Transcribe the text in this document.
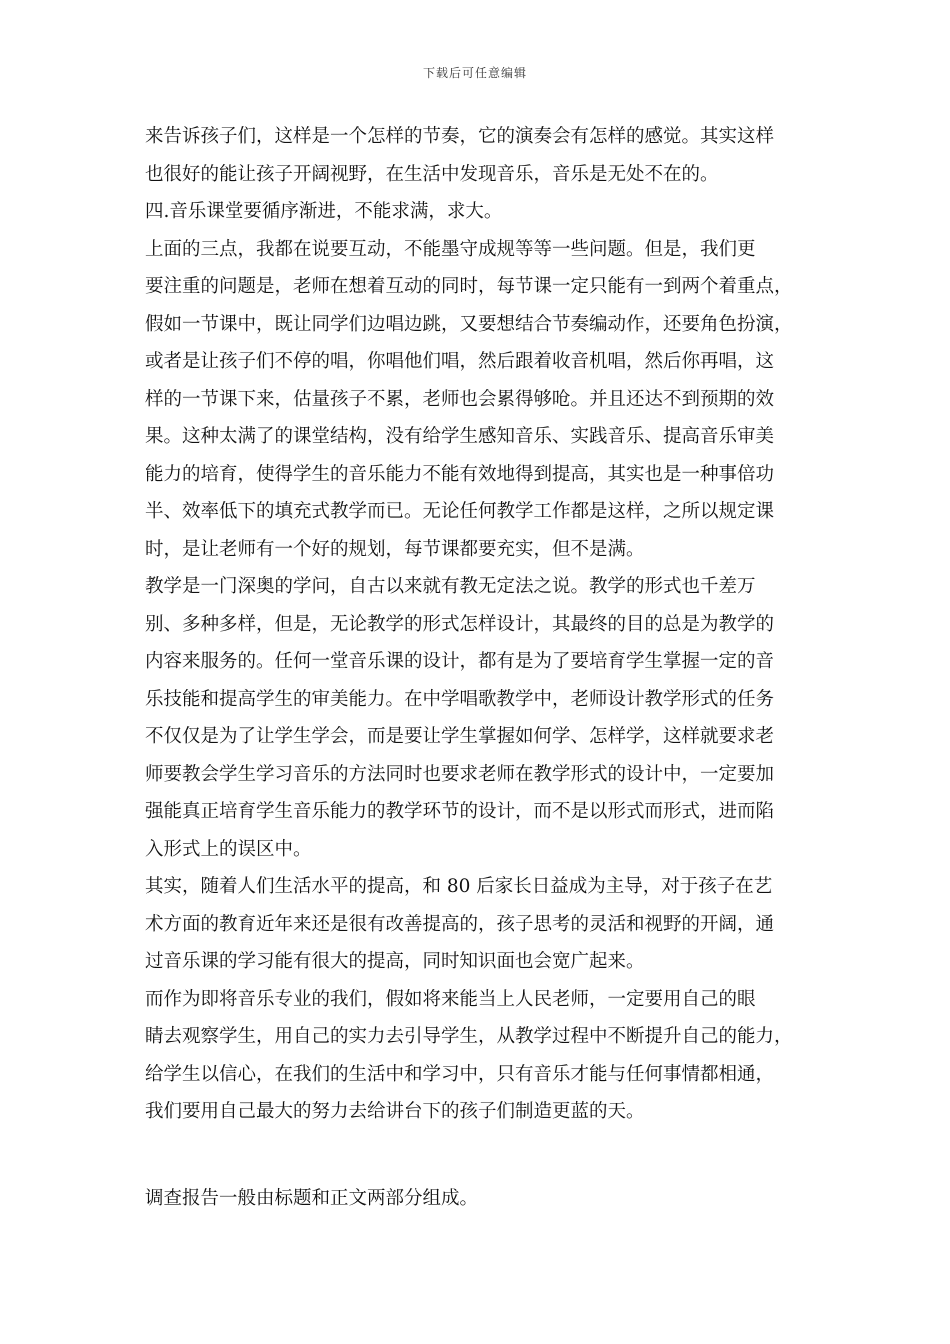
下载后可任意编辑
来告诉孩子们，这样是一个怎样的节奏，它的演奏会有怎样的感觉。其实这样
也很好的能让孩子开阔视野，在生活中发现音乐，音乐是无处不在的。
四.音乐课堂要循序渐进，不能求满，求大。
上面的三点，我都在说要互动，不能墨守成规等等一些问题。但是，我们更
要注重的问题是，老师在想着互动的同时，每节课一定只能有一到两个着重点，
假如一节课中，既让同学们边唱边跳，又要想结合节奏编动作，还要角色扮演，
或者是让孩子们不停的唱，你唱他们唱，然后跟着收音机唱，然后你再唱，这
样的一节课下来，估量孩子不累，老师也会累得够呛。并且还达不到预期的效
果。这种太满了的课堂结构，没有给学生感知音乐、实践音乐、提高音乐审美
能力的培育，使得学生的音乐能力不能有效地得到提高，其实也是一种事倍功
半、效率低下的填充式教学而已。无论任何教学工作都是这样，之所以规定课
时，是让老师有一个好的规划，每节课都要充实，但不是满。
教学是一门深奥的学问，自古以来就有教无定法之说。教学的形式也千差万
别、多种多样，但是，无论教学的形式怎样设计，其最终的目的总是为教学的
内容来服务的。任何一堂音乐课的设计，都有是为了要培育学生掌握一定的音
乐技能和提高学生的审美能力。在中学唱歌教学中，老师设计教学形式的任务
不仅仅是为了让学生学会，而是要让学生掌握如何学、怎样学，这样就要求老
师要教会学生学习音乐的方法同时也要求老师在教学形式的设计中，一定要加
强能真正培育学生音乐能力的教学环节的设计，而不是以形式而形式，进而陷
入形式上的误区中。
其实，随着人们生活水平的提高，和 80 后家长日益成为主导，对于孩子在艺
术方面的教育近年来还是很有改善提高的，孩子思考的灵活和视野的开阔，通
过音乐课的学习能有很大的提高，同时知识面也会宽广起来。
而作为即将音乐专业的我们，假如将来能当上人民老师，一定要用自己的眼
睛去观察学生，用自己的实力去引导学生，从教学过程中不断提升自己的能力，
给学生以信心，在我们的生活中和学习中，只有音乐才能与任何事情都相通，
我们要用自己最大的努力去给讲台下的孩子们制造更蓝的天。
调查报告一般由标题和正文两部分组成。
